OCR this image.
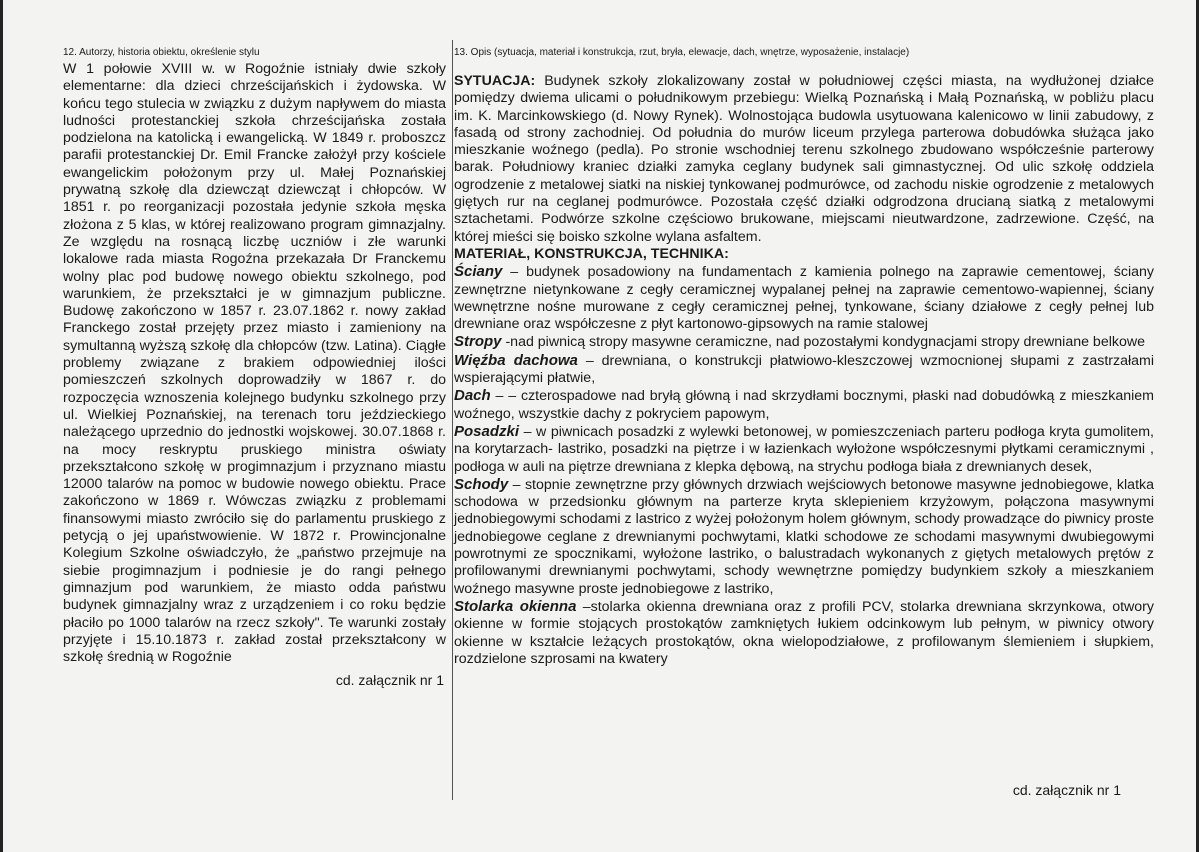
12. Autorzy, historia obiektu, określenie stylu

W 1 połowie XVIII w. w Rogoźnie istniały dwie szkoły elementarne: dla dzieci chrześcijańskich i żydowska. W końcu tego stulecia w związku z dużym napływem do miasta ludności protestanckiej szkoła chrześcijańska została podzielona na katolicką i ewangelicką. W 1849 r. proboszcz parafii protestanckiej Dr. Emil Francke założył przy kościele ewangelickim położonym przy ul. Małej Poznańskiej prywatną szkołę dla dziewcząt dziewcząt i chłopców. W 1851 r. po reorganizacji pozostała jedynie szkoła męska złożona z 5 klas, w której realizowano program gimnazjalny. Ze względu na rosnącą liczbę uczniów i złe warunki lokalowe rada miasta Rogoźna przekazała Dr Franckemu wolny plac pod budowę nowego obiektu szkolnego, pod warunkiem, że przekształci je w gimnazjum publiczne. Budowę zakończono w 1857 r. 23.07.1862 r. nowy zakład Franckego został przejęty przez miasto i zamieniony na symultanną wyższą szkołę dla chłopców (tzw. Latina). Ciągłe problemy związane z brakiem odpowiedniej ilości pomieszczeń szkolnych doprowadziły w 1867 r. do rozpoczęcia wznoszenia kolejnego budynku szkolnego przy ul. Wielkiej Poznańskiej, na terenach toru jeździeckiego należącego uprzednio do jednostki wojskowej. 30.07.1868 r. na mocy reskryptu pruskiego ministra oświaty przekształcono szkołę w progimnazjum i przyznano miastu 12000 talarów na pomoc w budowie nowego obiektu. Prace zakończono w 1869 r. Wówczas związku z problemami finansowymi miasto zwróciło się do parlamentu pruskiego z petycją o jej upaństwowienie. W 1872 r. Prowincjonalne Kolegium Szkolne oświadczyło, że „państwo przejmuje na siebie progimnazjum i podniesie je do rangi pełnego gimnazjum pod warunkiem, że miasto odda państwu budynek gimnazjalny wraz z urządzeniem i co roku będzie płaciło po 1000 talarów na rzecz szkoły". Te warunki zostały przyjęte i 15.10.1873 r. zakład został przekształcony w szkołę średnią w Rogoźnie

cd. załącznik nr 1
13. Opis (sytuacja, materiał i konstrukcja, rzut, bryła, elewacje, dach, wnętrze, wyposażenie, instalacje)

SYTUACJA: Budynek szkoły zlokalizowany został w południowej części miasta, na wydłużonej działce pomiędzy dwiema ulicami o południkowym przebiegu: Wielką Poznańską i Małą Poznańską, w pobliżu placu im. K. Marcinkowskiego (d. Nowy Rynek). Wolnostojąca budowla usytuowana kalenicowo w linii zabudowy, z fasadą od strony zachodniej. Od południa do murów liceum przylega parterowa dobudówka służąca jako mieszkanie woźnego (pedla). Po stronie wschodniej terenu szkolnego zbudowano współcześnie parterowy barak. Południowy kraniec działki zamyka ceglany budynek sali gimnastycznej. Od ulic szkołę oddziela ogrodzenie z metalowej siatki na niskiej tynkowanej podmurówce, od zachodu niskie ogrodzenie z metalowych giętych rur na ceglanej podmurówce. Pozostała część działki odgrodzona drucianą siatką z metalowymi sztachetami. Podwórze szkolne częściowo brukowane, miejscami nieutwardzone, zadrzewione. Część, na której mieści się boisko szkolne wylana asfaltem.

MATERIAŁ, KONSTRUKCJA, TECHNIKA:

Ściany – budynek posadowiony na fundamentach z kamienia polnego na zaprawie cementowej, ściany zewnętrzne nietynkowane z cegły ceramicznej wypalanej pełnej na zaprawie cementowo-wapiennej, ściany wewnętrzne nośne murowane z cegły ceramicznej pełnej, tynkowane, ściany działowe z cegły pełnej lub drewniane oraz współczesne z płyt kartonowo-gipsowych na ramie stalowej

Stropy -nad piwnicą stropy masywne ceramiczne, nad pozostałymi kondygnacjami stropy drewniane belkowe

Więźba dachowa – drewniana, o konstrukcji płatwiowo-kleszczowej wzmocnionej słupami z zastrzałami wspierającymi płatwie,

Dach – – czterospadowe nad bryłą główną i nad skrzydłami bocznymi, płaski nad dobudówką z mieszkaniem woźnego, wszystkie dachy z pokryciem papowym,

Posadzki – w piwnicach posadzki z wylewki betonowej, w pomieszczeniach parteru podłoga kryta gumolitem, na korytarzach- lastriko, posadzki na piętrze i w łazienkach wyłożone współczesnymi płytkami ceramicznymi , podłoga w auli na piętrze drewniana z klepka dębową, na strychu podłoga biała z drewnianych desek,

Schody – stopnie zewnętrzne przy głównych drzwiach wejściowych betonowe masywne jednobiegowe, klatka schodowa w przedsionku głównym na parterze kryta sklepieniem krzyżowym, połączona masywnymi jednobiegowymi schodami z lastrico z wyżej położonym holem głównym, schody prowadzące do piwnicy proste jednobiegowe ceglane z drewnianymi pochwytami, klatki schodowe ze schodami masywnymi dwubiegowymi powrotnymi ze spocznikami, wyłożone lastriko, o balustradach wykonanych z giętych metalowych prętów z profilowanymi drewnianymi pochwytami, schody wewnętrzne pomiędzy budynkiem szkoły a mieszkaniem woźnego masywne proste jednobiegowe z lastriko,

Stolarka okienna –stolarka okienna drewniana oraz z profili PCV, stolarka drewniana skrzynkowa, otwory okienne w formie stojących prostokątów zamkniętych łukiem odcinkowym lub pełnym, w piwnicy otwory okienne w kształcie leżących prostokątów, okna wielopodziałowe, z profilowanym ślemieniem i słupkiem, rozdzielone szprosami na kwatery

cd. załącznik nr 1
